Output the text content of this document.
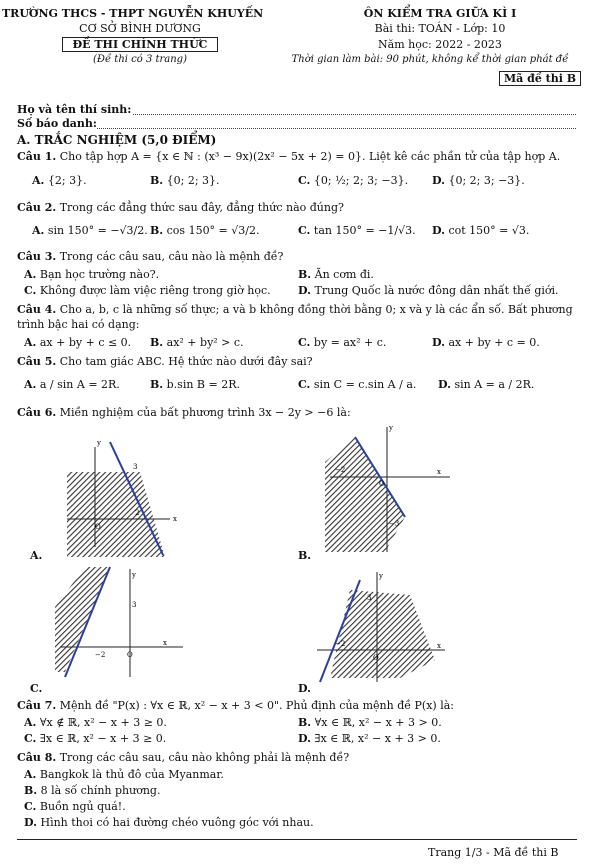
TRƯỜNG THCS - THPT NGUYỄN KHUYẾN
CƠ SỞ BÌNH DƯƠNG
ĐỀ THI CHÍNH THỨC
(Đề thi có 3 trang)
ÔN KIỂM TRA GIỮA KÌ I
Bài thi: TOÁN - Lớp: 10
Năm học: 2022 - 2023
Thời gian làm bài: 90 phút, không kể thời gian phát đề
Mã đề thi B
Họ và tên thí sinh:
Số báo danh:
A. TRẮC NGHIỆM (5,0 ĐIỂM)
Câu 1. Cho tập hợp A = {x ∈ ℕ : (x³ − 9x)(2x² − 5x + 2) = 0}. Liệt kê các phần tử của tập hợp A.
A. {2; 3}.	B. {0; 2; 3}.	C. {0; ½; 2; 3; −3}. D. {0; 2; 3; −3}.
Câu 2. Trong các đẳng thức sau đây, đẳng thức nào đúng?
A. sin 150° = −√3/2. B. cos 150° = √3/2.	C. tan 150° = −1/√3. D. cot 150° = √3.
Câu 3. Trong các câu sau, câu nào là mệnh đề?
A. Bạn học trường nào?.	B. Ăn cơm đi.
C. Không được làm việc riêng trong giờ học. D. Trung Quốc là nước đông dân nhất thế giới.
Câu 4. Cho a, b, c là những số thực; a và b không đồng thời bằng 0; x và y là các ẩn số. Bất phương
trình bậc hai có dạng:
A. ax + by + c ≤ 0. B. ax² + by² > c.	C. by = ax² + c.	D. ax + by + c = 0.
Câu 5. Cho tam giác ABC. Hệ thức nào dưới đây sai?
A. a / sin A = 2R.	B. b.sin B = 2R.	C. sin C = c.sin A / a. D. sin A = a / 2R.
Câu 6. Miền nghiệm của bất phương trình 3x − 2y > −6 là:
y
x
3
2
O
A.
y
x
−2
O
−3
B.
y
x
3
−2	O
C.
y
x
3
−2
O
D.
Câu 7. Mệnh đề "P(x) : ∀x ∈ ℝ, x² − x + 3 < 0". Phủ định của mệnh đề P(x) là:
A. ∀x ∉ ℝ, x² − x + 3 ≥ 0.	B. ∀x ∈ ℝ, x² − x + 3 > 0.
C. ∃x ∈ ℝ, x² − x + 3 ≥ 0.	D. ∃x ∈ ℝ, x² − x + 3 > 0.
Câu 8. Trong các câu sau, câu nào không phải là mệnh đề?
A. Bangkok là thủ đô của Myanmar.
B. 8 là số chính phương.
C. Buồn ngủ quá!.
D. Hình thoi có hai đường chéo vuông góc với nhau.
Trang 1/3 - Mã đề thi B
